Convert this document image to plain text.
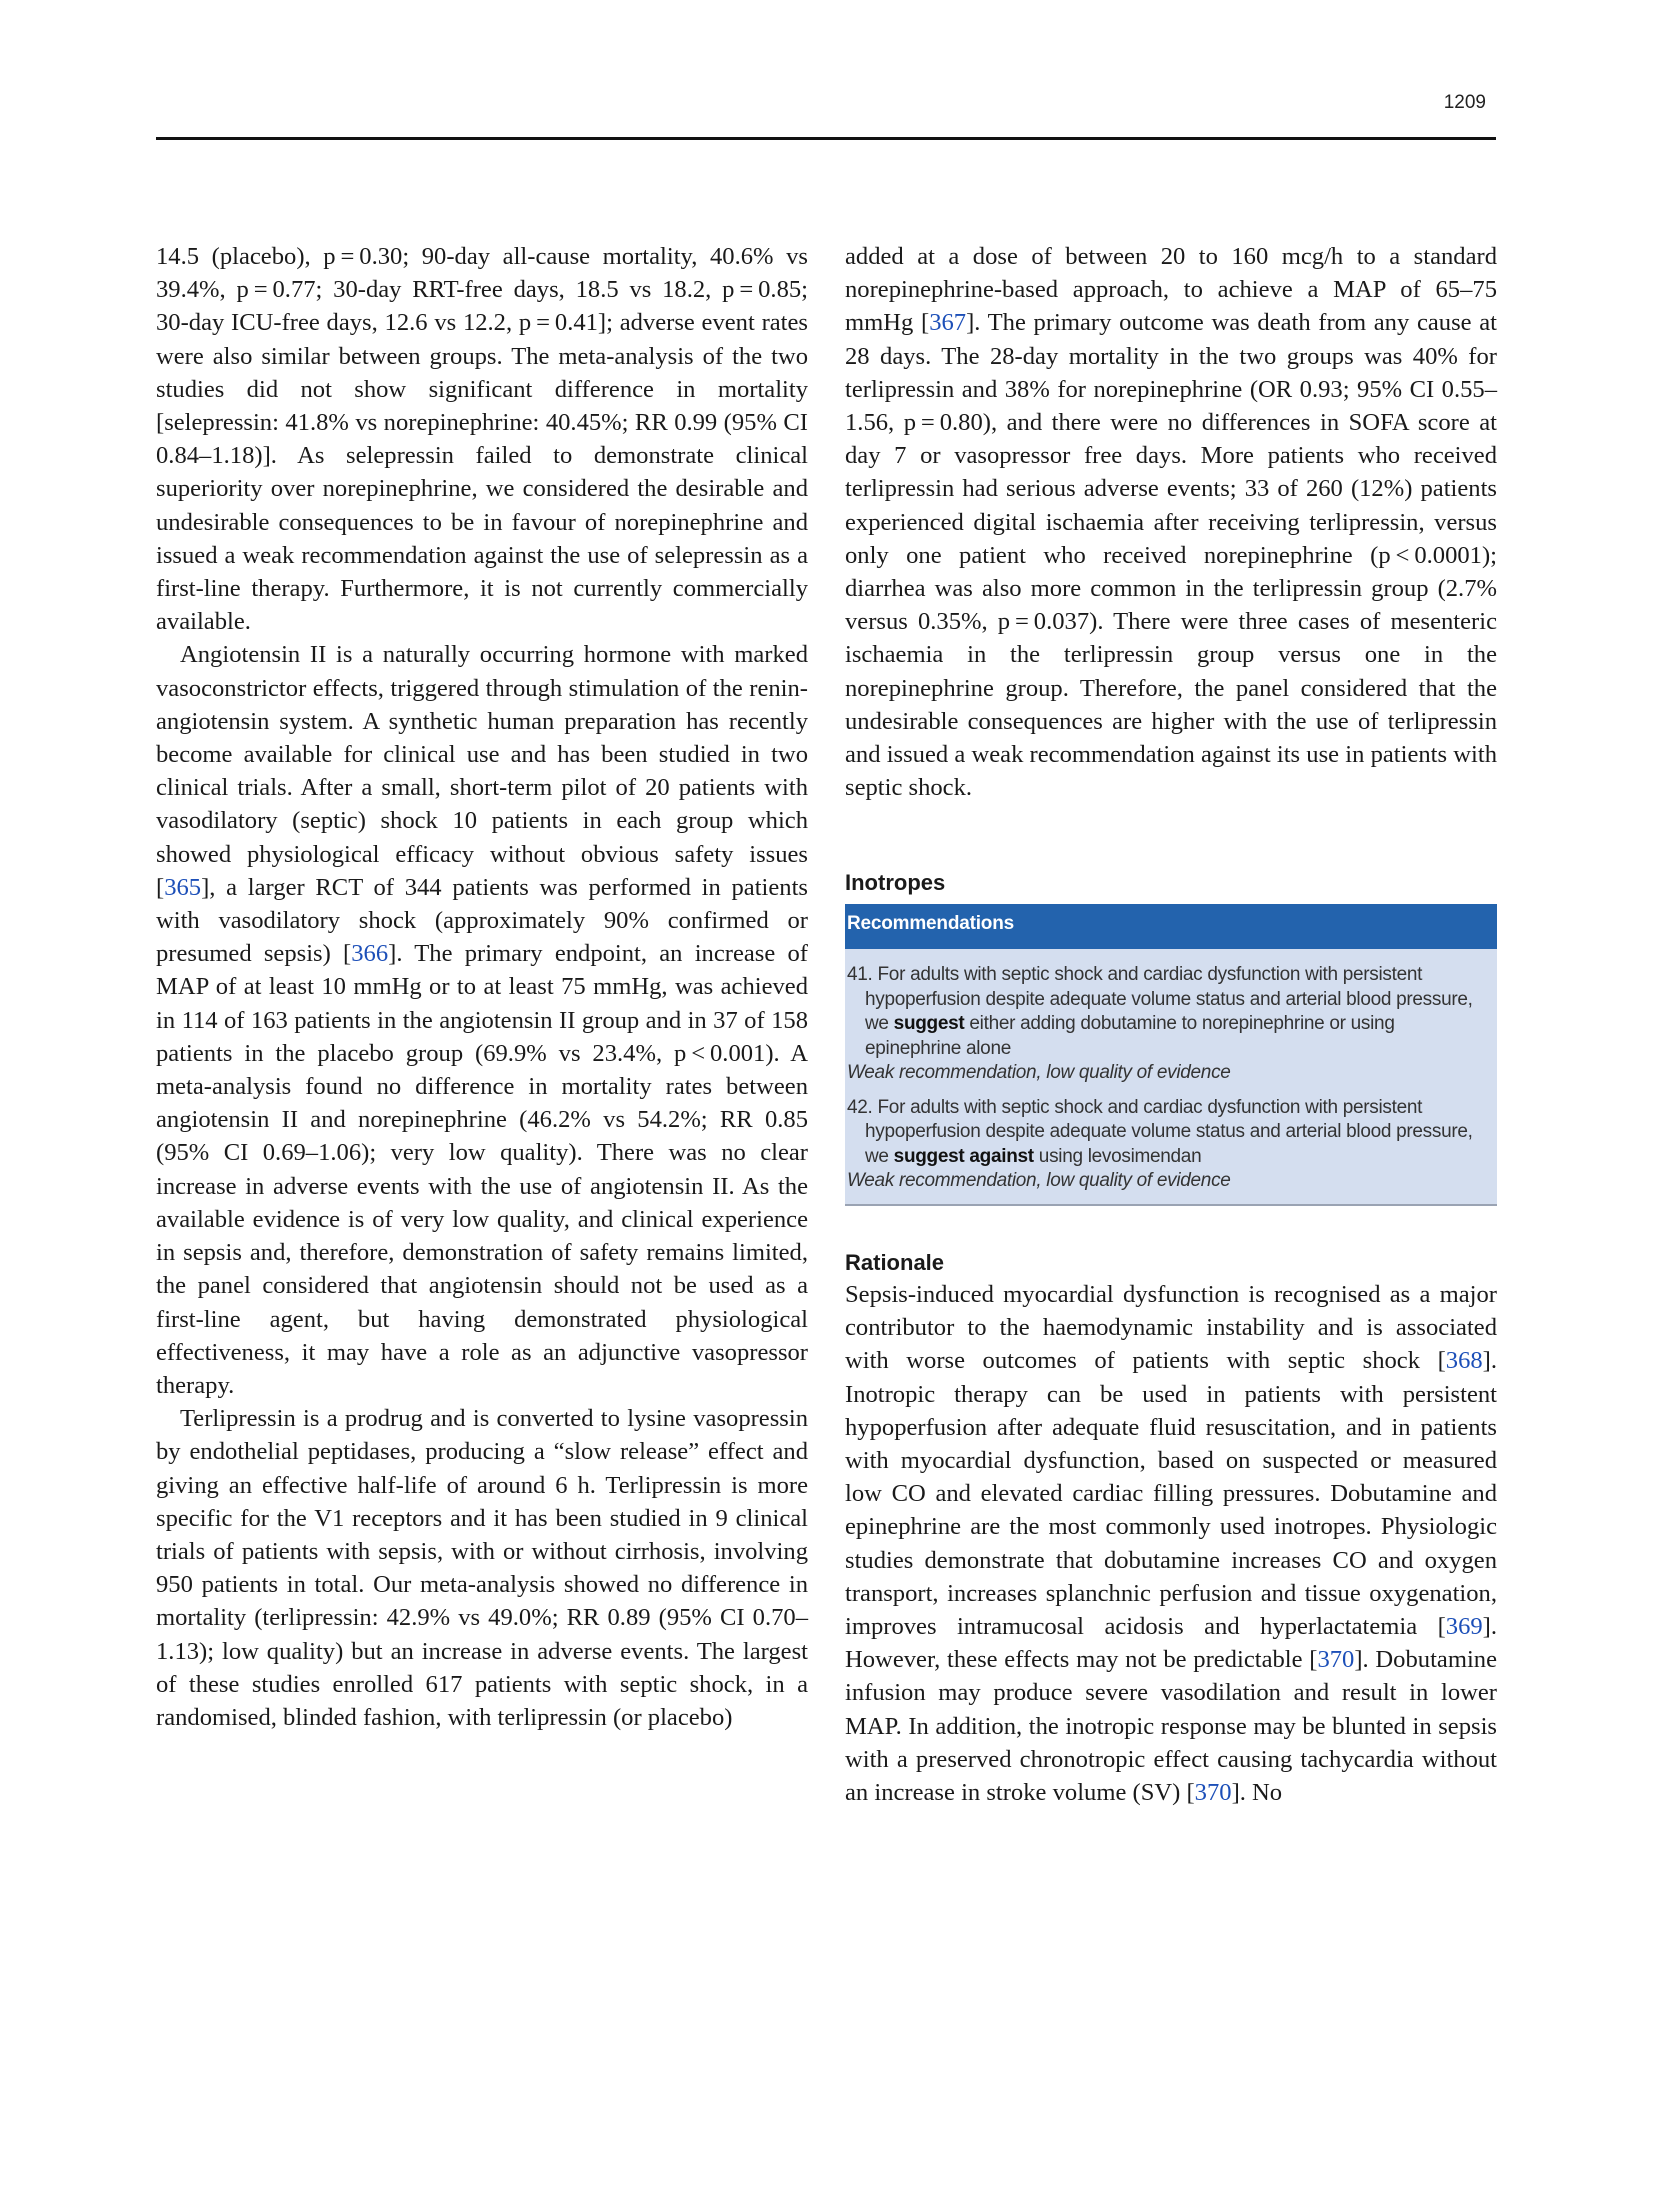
1209

14.5 (placebo), p = 0.30; 90-day all-cause mortality, 40.6% vs 39.4%, p = 0.77; 30-day RRT-free days, 18.5 vs 18.2, p = 0.85; 30-day ICU-free days, 12.6 vs 12.2, p = 0.41]; adverse event rates were also similar between groups. The meta-analysis of the two studies did not show significant difference in mortality [selepressin: 41.8% vs norepinephrine: 40.45%; RR 0.99 (95% CI 0.84–1.18)]. As selepressin failed to demonstrate clinical superiority over norepinephrine, we considered the desirable and undesirable consequences to be in favour of norepinephrine and issued a weak recommendation against the use of selepressin as a first-line therapy. Furthermore, it is not currently commercially available.

Angiotensin II is a naturally occurring hormone with marked vasoconstrictor effects, triggered through stimulation of the renin-angiotensin system. A synthetic human preparation has recently become available for clinical use and has been studied in two clinical trials. After a small, short-term pilot of 20 patients with vasodilatory (septic) shock 10 patients in each group which showed physiological efficacy without obvious safety issues [365], a larger RCT of 344 patients was performed in patients with vasodilatory shock (approximately 90% confirmed or presumed sepsis) [366]. The primary endpoint, an increase of MAP of at least 10 mmHg or to at least 75 mmHg, was achieved in 114 of 163 patients in the angiotensin II group and in 37 of 158 patients in the placebo group (69.9% vs 23.4%, p < 0.001). A meta-analysis found no difference in mortality rates between angiotensin II and norepinephrine (46.2% vs 54.2%; RR 0.85 (95% CI 0.69–1.06); very low quality). There was no clear increase in adverse events with the use of angiotensin II. As the available evidence is of very low quality, and clinical experience in sepsis and, therefore, demonstration of safety remains limited, the panel considered that angiotensin should not be used as a first-line agent, but having demonstrated physiological effectiveness, it may have a role as an adjunctive vasopressor therapy.

Terlipressin is a prodrug and is converted to lysine vasopressin by endothelial peptidases, producing a “slow release” effect and giving an effective half-life of around 6 h. Terlipressin is more specific for the V1 receptors and it has been studied in 9 clinical trials of patients with sepsis, with or without cirrhosis, involving 950 patients in total. Our meta-analysis showed no difference in mortality (terlipressin: 42.9% vs 49.0%; RR 0.89 (95% CI 0.70–1.13); low quality) but an increase in adverse events. The largest of these studies enrolled 617 patients with septic shock, in a randomised, blinded fashion, with terlipressin (or placebo)

added at a dose of between 20 to 160 mcg/h to a standard norepinephrine-based approach, to achieve a MAP of 65–75 mmHg [367]. The primary outcome was death from any cause at 28 days. The 28-day mortality in the two groups was 40% for terlipressin and 38% for norepinephrine (OR 0.93; 95% CI 0.55–1.56, p = 0.80), and there were no differences in SOFA score at day 7 or vasopressor free days. More patients who received terlipressin had serious adverse events; 33 of 260 (12%) patients experienced digital ischaemia after receiving terlipressin, versus only one patient who received norepinephrine (p < 0.0001); diarrhea was also more common in the terlipressin group (2.7% versus 0.35%, p = 0.037). There were three cases of mesenteric ischaemia in the terlipressin group versus one in the norepinephrine group. Therefore, the panel considered that the undesirable consequences are higher with the use of terlipressin and issued a weak recommendation against its use in patients with septic shock.

Inotropes
Recommendations
41. For adults with septic shock and cardiac dysfunction with persistent hypoperfusion despite adequate volume status and arterial blood pressure, we suggest either adding dobutamine to norepinephrine or using epinephrine alone
Weak recommendation, low quality of evidence
42. For adults with septic shock and cardiac dysfunction with persistent hypoperfusion despite adequate volume status and arterial blood pressure, we suggest against using levosimendan
Weak recommendation, low quality of evidence
Rationale

Sepsis-induced myocardial dysfunction is recognised as a major contributor to the haemodynamic instability and is associated with worse outcomes of patients with septic shock [368]. Inotropic therapy can be used in patients with persistent hypoperfusion after adequate fluid resuscitation, and in patients with myocardial dysfunction, based on suspected or measured low CO and elevated cardiac filling pressures. Dobutamine and epinephrine are the most commonly used inotropes. Physiologic studies demonstrate that dobutamine increases CO and oxygen transport, increases splanchnic perfusion and tissue oxygenation, improves intramucosal acidosis and hyperlactatemia [369]. However, these effects may not be predictable [370]. Dobutamine infusion may produce severe vasodilation and result in lower MAP. In addition, the inotropic response may be blunted in sepsis with a preserved chronotropic effect causing tachycardia without an increase in stroke volume (SV) [370]. No
